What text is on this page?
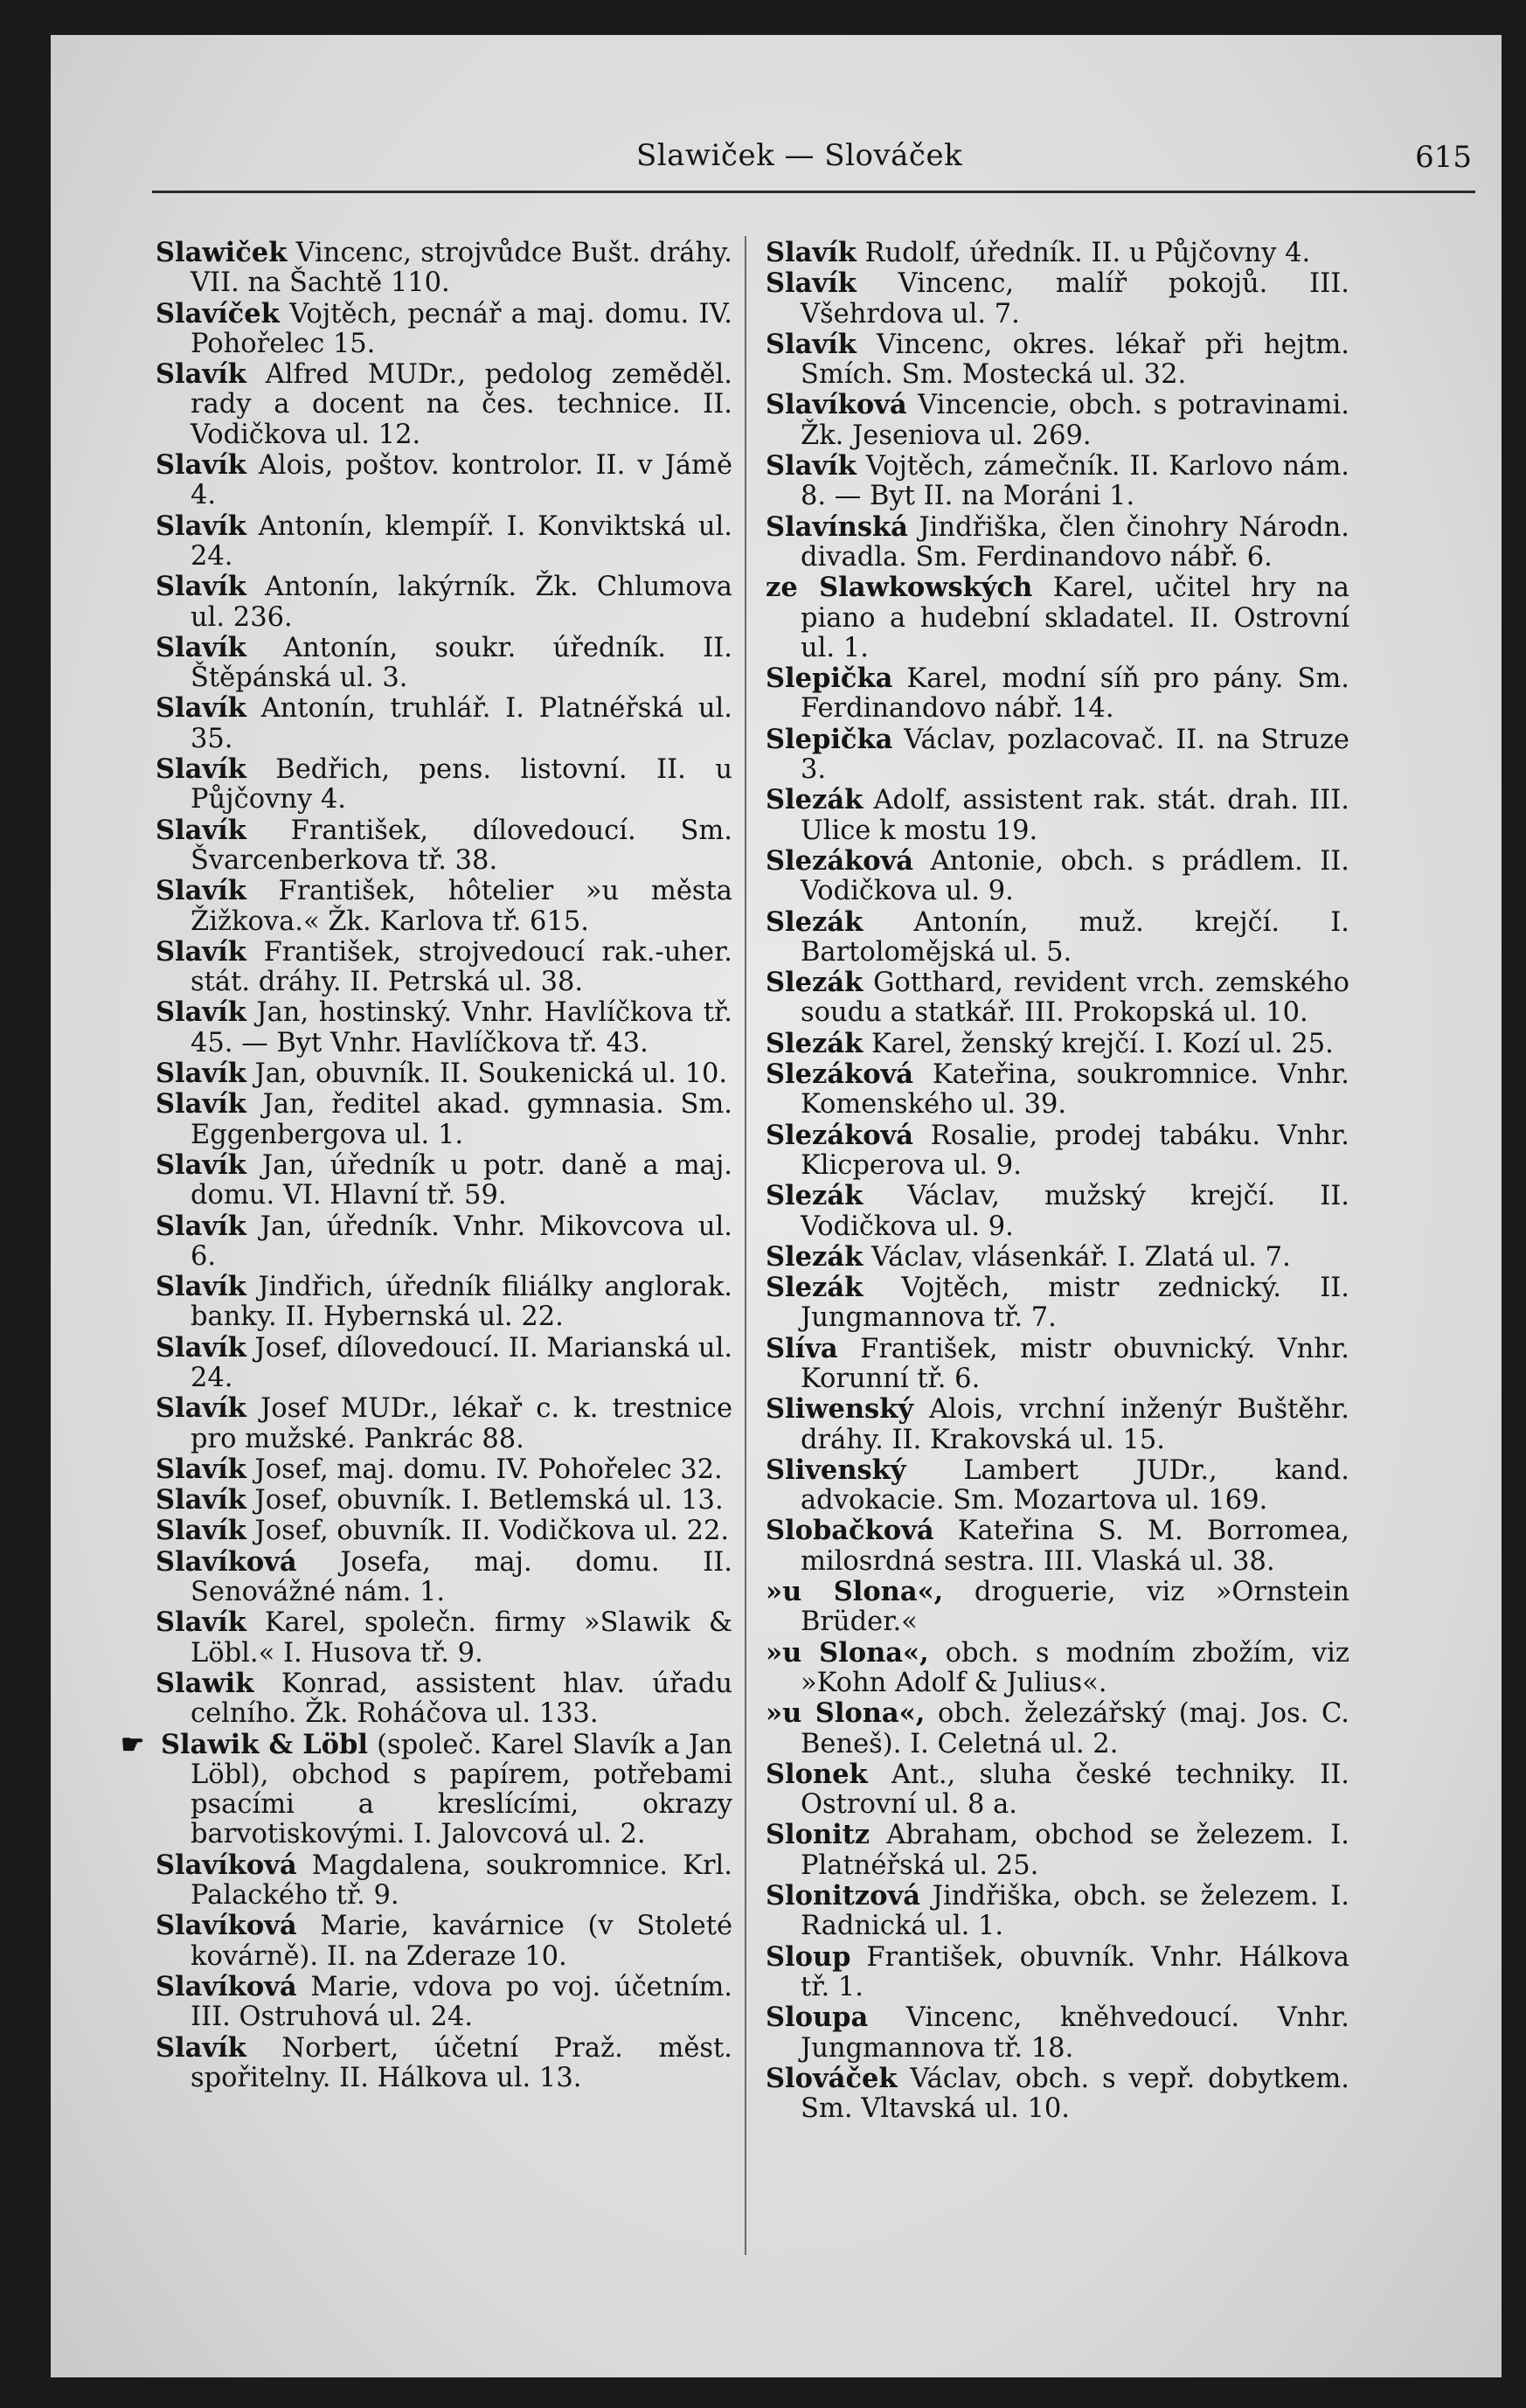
Slawiček — Slováček	615
Slawiček Vincenc, strojvůdce Bušt. dráhy. VII. na Šachtě 110.
Slavíček Vojtěch, pecnář a maj. domu. IV. Pohořelec 15.
Slavík Alfred MUDr., pedolog zeměděl. rady a docent na čes. technice. II. Vodičkova ul. 12.
Slavík Alois, poštov. kontrolor. II. v Jámě 4.
Slavík Antonín, klempíř. I. Konviktská ul. 24.
Slavík Antonín, lakýrník. Žk. Chlumova ul. 236.
Slavík Antonín, soukr. úředník. II. Štěpánská ul. 3.
Slavík Antonín, truhlář. I. Platnéřská ul. 35.
Slavík Bedřich, pens. listovní. II. u Půjčovny 4.
Slavík František, dílovedoucí. Sm. Švarcenberkova tř. 38.
Slavík František, hôtelier »u města Žižkova.« Žk. Karlova tř. 615.
Slavík František, strojvedoucí rak.-uher. stát. dráhy. II. Petrská ul. 38.
Slavík Jan, hostinský. Vnhr. Havlíčkova tř. 45. — Byt Vnhr. Havlíčkova tř. 43.
Slavík Jan, obuvník. II. Soukenická ul. 10.
Slavík Jan, ředitel akad. gymnasia. Sm. Eggenbergova ul. 1.
Slavík Jan, úředník u potr. daně a maj. domu. VI. Hlavní tř. 59.
Slavík Jan, úředník. Vnhr. Mikovcova ul. 6.
Slavík Jindřich, úředník filiálky anglorak. banky. II. Hybernská ul. 22.
Slavík Josef, dílovedoucí. II. Marianská ul. 24.
Slavík Josef MUDr., lékař c. k. trestnice pro mužské. Pankrác 88.
Slavík Josef, maj. domu. IV. Pohořelec 32.
Slavík Josef, obuvník. I. Betlemská ul. 13.
Slavík Josef, obuvník. II. Vodičkova ul. 22.
Slavíková Josefa, maj. domu. II. Senovážné nám. 1.
Slavík Karel, společn. firmy »Slawik & Löbl.« I. Husova tř. 9.
Slawik Konrad, assistent hlav. úřadu celního. Žk. Roháčova ul. 133.
☛ Slawik & Löbl (společ. Karel Slavík a Jan Löbl), obchod s papírem, potřebami psacími a kreslícími, okrazy barvotiskovými. I. Jalovcová ul. 2.
Slavíková Magdalena, soukromnice. Krl. Palackého tř. 9.
Slavíková Marie, kavárnice (v Stoleté kovárně). II. na Zderaze 10.
Slavíková Marie, vdova po voj. účetním. III. Ostruhová ul. 24.
Slavík Norbert, účetní Praž. měst. spořitelny. II. Hálkova ul. 13.
Slavík Rudolf, úředník. II. u Půjčovny 4.
Slavík Vincenc, malíř pokojů. III. Všehrdova ul. 7.
Slavík Vincenc, okres. lékař při hejtm. Smích. Sm. Mostecká ul. 32.
Slavíková Vincencie, obch. s potravinami. Žk. Jeseniova ul. 269.
Slavík Vojtěch, zámečník. II. Karlovo nám. 8. — Byt II. na Moráni 1.
Slavínská Jindřiška, člen činohry Národn. divadla. Sm. Ferdinandovo nábř. 6.
ze Slawkowských Karel, učitel hry na piano a hudební skladatel. II. Ostrovní ul. 1.
Slepička Karel, modní síň pro pány. Sm. Ferdinandovo nábř. 14.
Slepička Václav, pozlacovač. II. na Struze 3.
Slezák Adolf, assistent rak. stát. drah. III. Ulice k mostu 19.
Slezáková Antonie, obch. s prádlem. II. Vodičkova ul. 9.
Slezák Antonín, muž. krejčí. I. Bartolomějská ul. 5.
Slezák Gotthard, revident vrch. zemského soudu a statkář. III. Prokopská ul. 10.
Slezák Karel, ženský krejčí. I. Kozí ul. 25.
Slezáková Kateřina, soukromnice. Vnhr. Komenského ul. 39.
Slezáková Rosalie, prodej tabáku. Vnhr. Klicperova ul. 9.
Slezák Václav, mužský krejčí. II. Vodičkova ul. 9.
Slezák Václav, vlásenkář. I. Zlatá ul. 7.
Slezák Vojtěch, mistr zednický. II. Jungmannova tř. 7.
Slíva František, mistr obuvnický. Vnhr. Korunní tř. 6.
Sliwenský Alois, vrchní inženýr Buštěhr. dráhy. II. Krakovská ul. 15.
Slivenský Lambert JUDr., kand. advokacie. Sm. Mozartova ul. 169.
Slobačková Kateřina S. M. Borromea, milosrdná sestra. III. Vlaská ul. 38.
»u Slona«, droguerie, viz »Ornstein Brüder.«
»u Slona«, obch. s modním zbožím, viz »Kohn Adolf & Julius«.
»u Slona«, obch. železářský (maj. Jos. C. Beneš). I. Celetná ul. 2.
Slonek Ant., sluha české techniky. II. Ostrovní ul. 8 a.
Slonitz Abraham, obchod se železem. I. Platnéřská ul. 25.
Slonitzová Jindřiška, obch. se železem. I. Radnická ul. 1.
Sloup František, obuvník. Vnhr. Hálkova tř. 1.
Sloupa Vincenc, kněhvedoucí. Vnhr. Jungmannova tř. 18.
Slováček Václav, obch. s vepř. dobytkem. Sm. Vltavská ul. 10.
